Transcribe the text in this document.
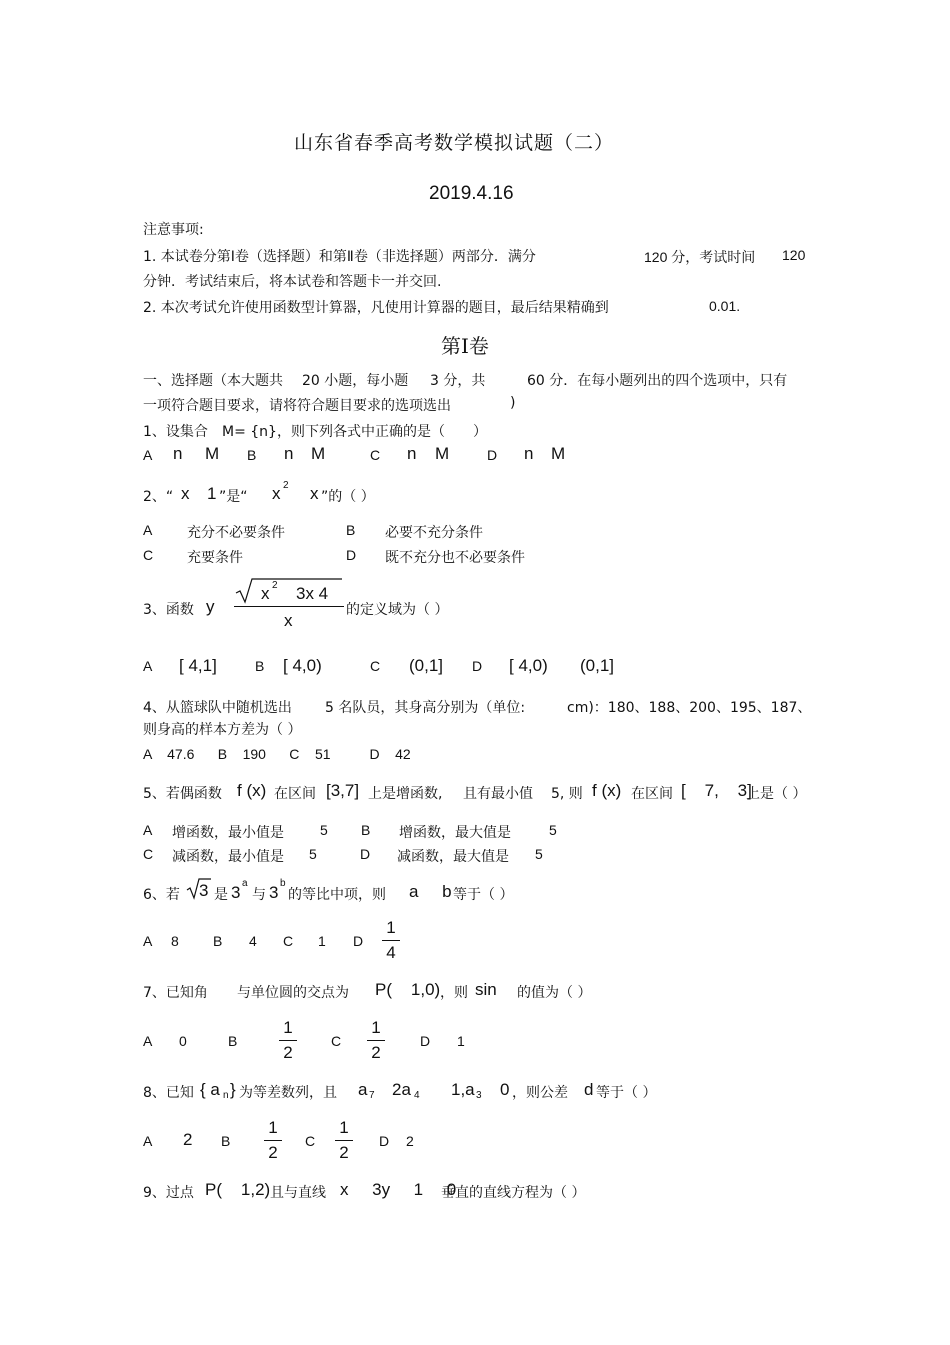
山东省春季高考数学模拟试题（二）
2019.4.16
注意事项:
1. 本试卷分第Ⅰ卷（选择题）和第Ⅱ卷（非选择题）两部分．满分	120 分，考试时间 120
分钟．考试结束后，将本试卷和答题卡一并交回.
2. 本次考试允许使用函数型计算器，凡使用计算器的题目，最后结果精确到	0.01.
第Ⅰ卷
一、选择题（本大题共 20 小题，每小题 3 分，共	60 分．在每小题列出的四个选项中，只有
一项符合题目要求，请将符合题目要求的选项选出	)
1、设集合 M= {n}，则下列各式中正确的是（　　）
A n M B n M	C n M	D n M
2、“ x 1 ”是“ x 2 x ”的（ ）
A 充分不必要条件	B 必要不充分条件
C 充要条件	D 既不充分也不必要条件
3、函数 y
x 2 3x 4
x
的定义域为（ ）
A [ 4,1]	B [ 4,0)	C (0,1] D [ 4,0) (0,1]
4、从篮球队中随机选出 5 名队员，其身高分别为（单位:	cm)：180、188、200、195、187、
则身高的样本方差为（ ）
A    47.6      B    190      C    51          D    42
5、若偶函数 f (x) 在区间 [3,7] 上是增函数, 且有最小值 5, 则 f (x) 在区间 [    7,    3]
上是（ ）
A 增函数，最小值是	5 B 增函数，最大值是	5
C 减函数，最小值是 5	D 减函数，最大值是 5
6、若 3 是 3 a
与 3 b
的等比中项，则 a     b 等于（ ）
A 8 B 4 C 1 D
1
4
7、已知角 与单位圆的交点为 P(    1,0) ，则 sin 的值为（ ）
A 0	B
1
2
C
1
2
D 1
8、已知 { a n } 为等差数列，且 a 7 2a 4 1,a 3 0 ，则公差 d 等于（ ）
A 2 B
1
2
C
1
2
D 2
9、过点 P(    1,2) 且与直线 x     3y     1     0
垂直的直线方程为（ ）
